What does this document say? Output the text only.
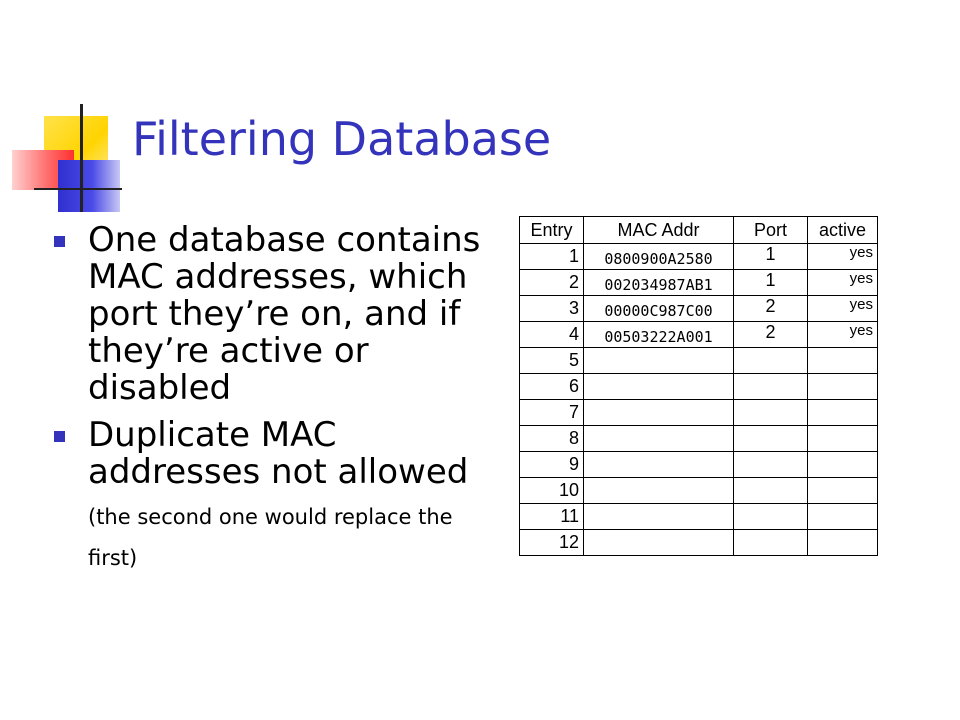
Filtering Database
One database contains MAC addresses, which port they’re on, and if they’re active or disabled
Duplicate MAC addresses not allowed (the second one would replace the first)
Entry	MAC Addr	Port	active
1	0800900A2580	1	yes
2	002034987AB1	1	yes
3	00000C987C00	2	yes
4	00503222A001	2	yes
5			
6			
7			
8			
9			
10			
11			
12			
